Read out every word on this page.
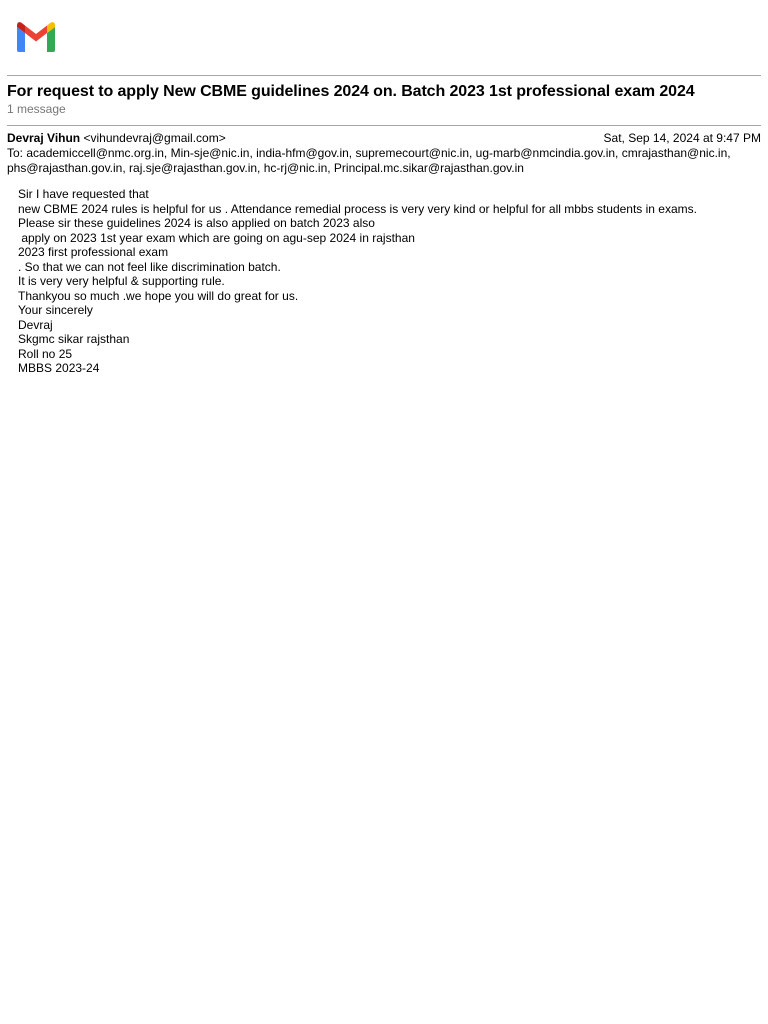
For request to apply New CBME guidelines 2024 on. Batch 2023 1st professional exam 2024
1 message
Devraj Vihun <vihundevraj@gmail.com>	Sat, Sep 14, 2024 at 9:47 PM
To: academiccell@nmc.org.in, Min-sje@nic.in, india-hfm@gov.in, supremecourt@nic.in, ug-marb@nmcindia.gov.in, cmrajasthan@nic.in,
phs@rajasthan.gov.in, raj.sje@rajasthan.gov.in, hc-rj@nic.in, Principal.mc.sikar@rajasthan.gov.in
Sir I have requested that
new CBME 2024 rules is helpful for us . Attendance remedial process is very very kind or helpful for all mbbs students in exams.
Please sir these guidelines 2024 is also applied on batch 2023 also
apply on 2023 1st year exam which are going on agu-sep 2024 in rajsthan
2023 first professional exam
. So that we can not feel like discrimination batch.
It is very very helpful & supporting rule.
Thankyou so much .we hope you will do great for us.
Your sincerely
Devraj
Skgmc sikar rajsthan
Roll no 25
MBBS 2023-24
